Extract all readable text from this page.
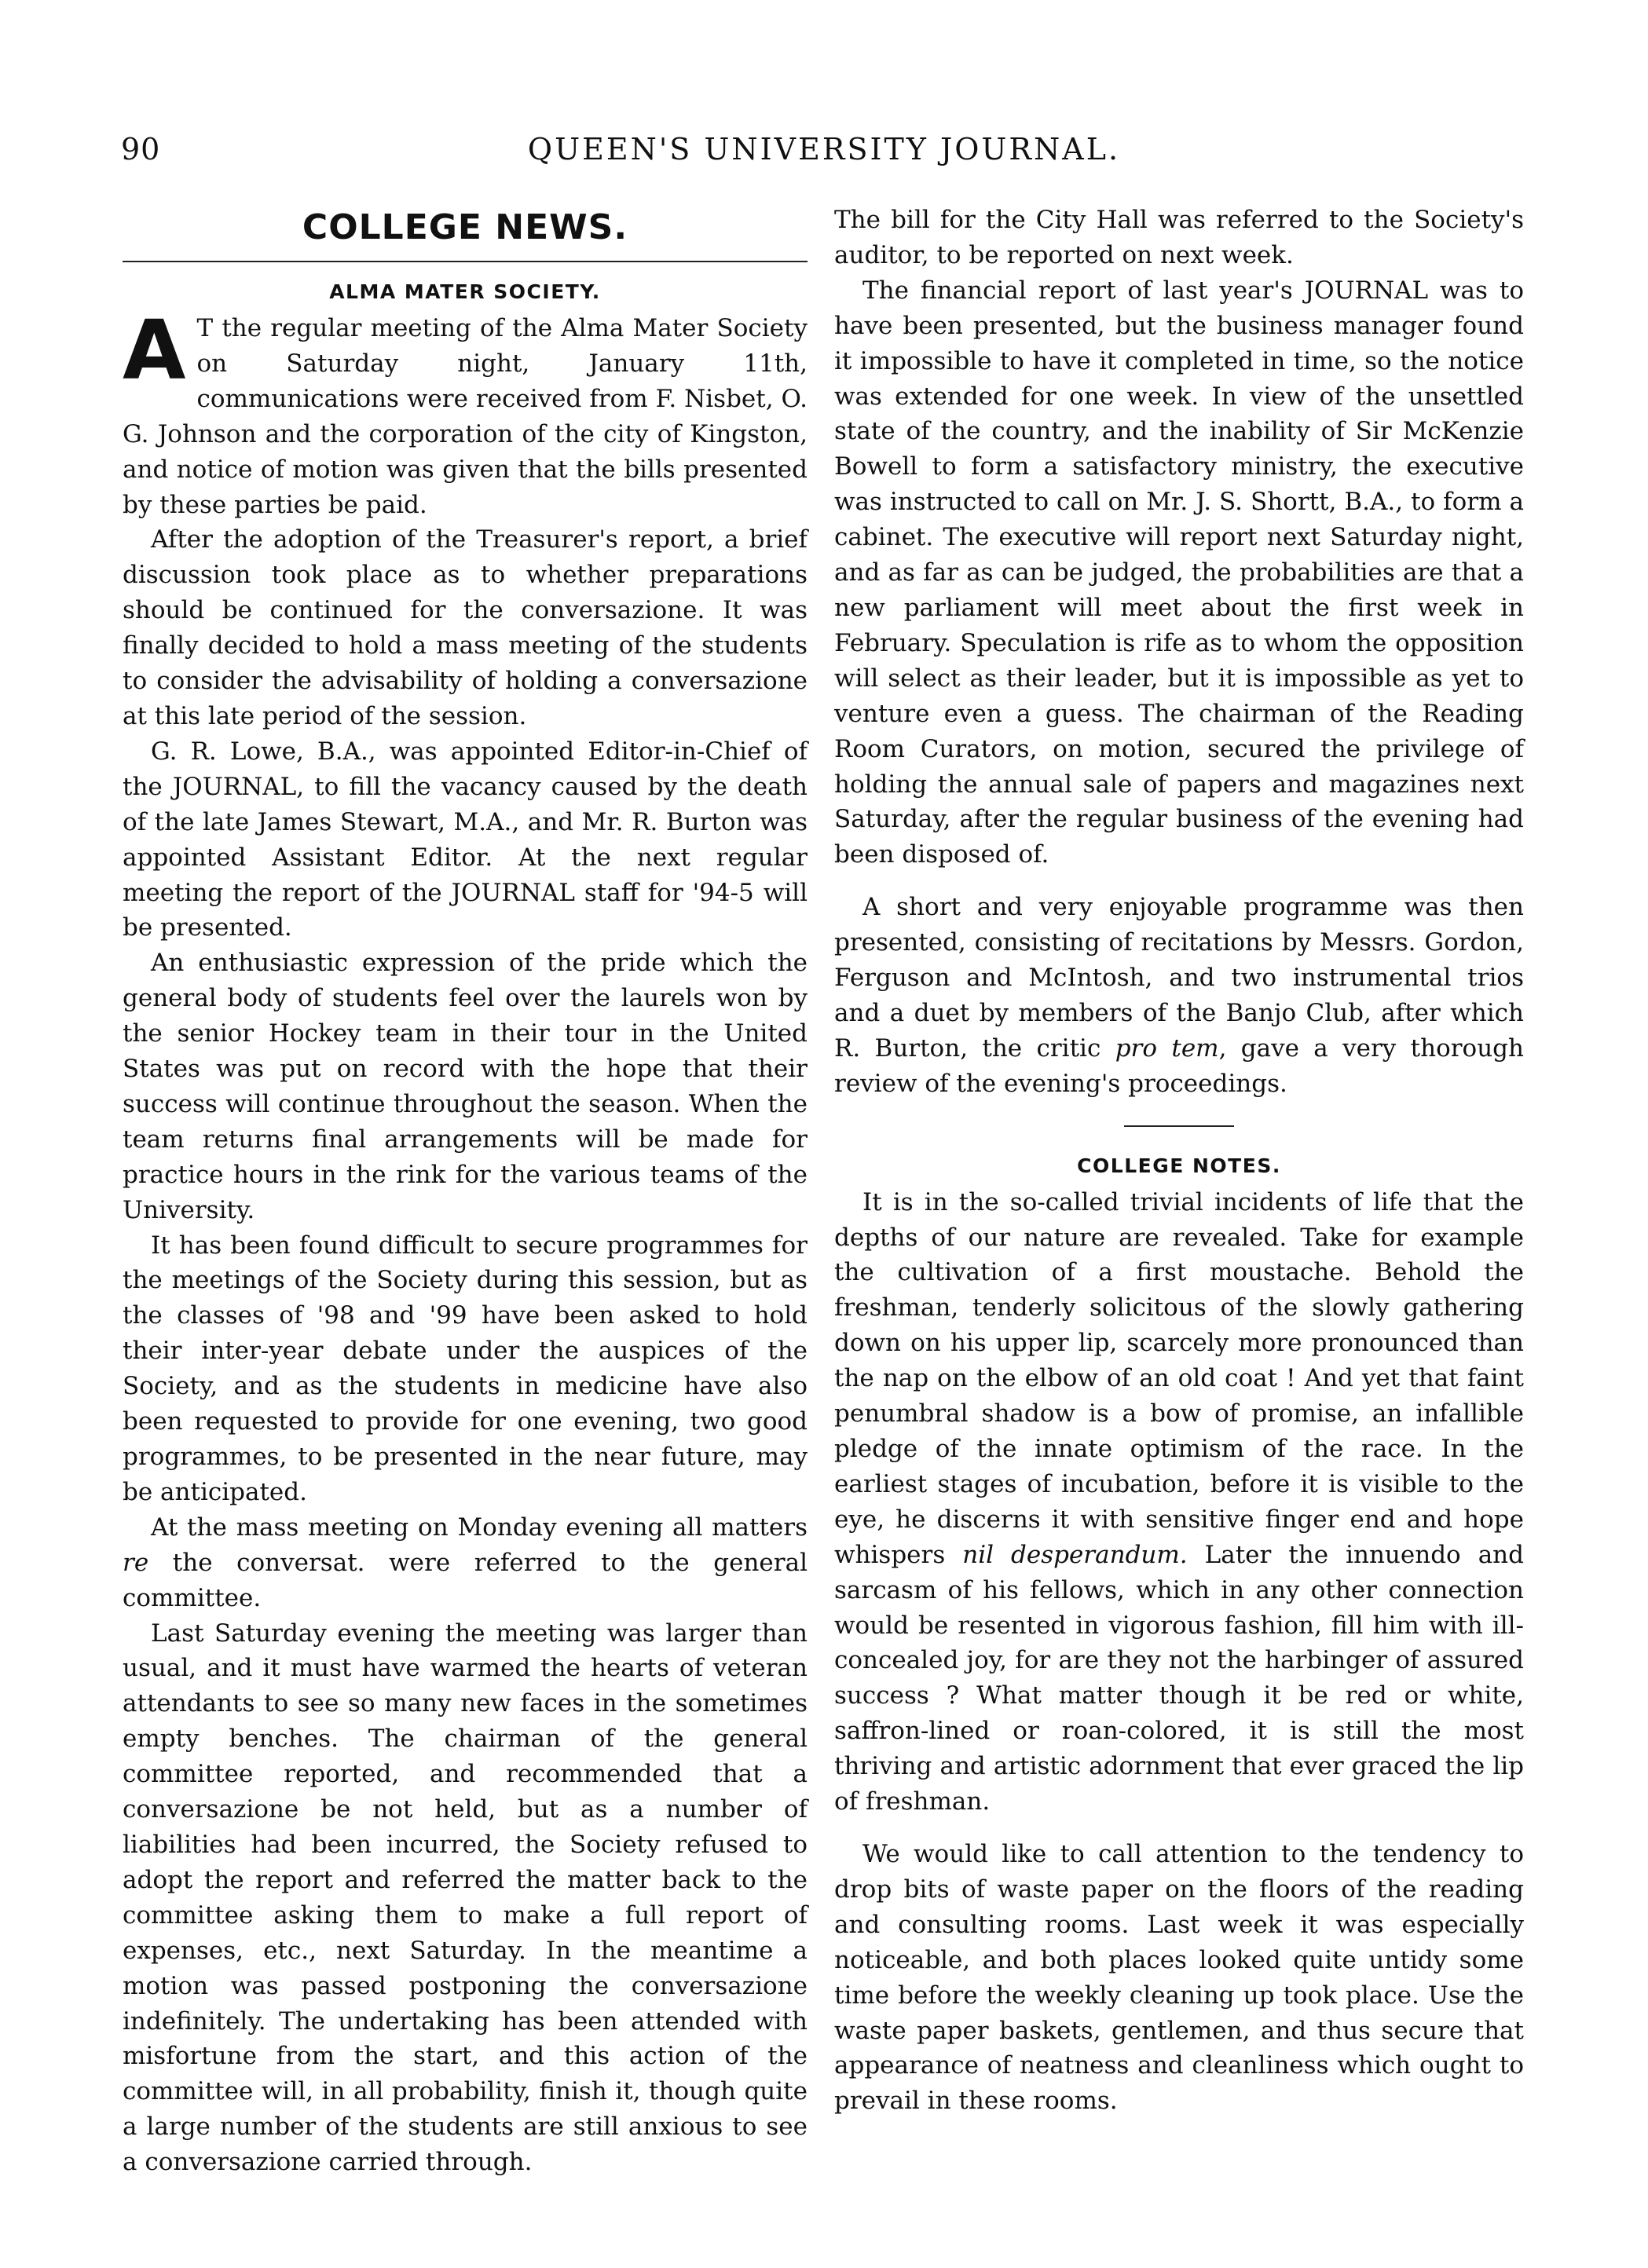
90	QUEEN'S UNIVERSITY JOURNAL.
COLLEGE NEWS.
ALMA MATER SOCIETY.

A T the regular meeting of the Alma Mater Society on Saturday night, January 11th, communications were received from F. Nisbet, O. G. Johnson and the corporation of the city of Kingston, and notice of motion was given that the bills presented by these parties be paid.

After the adoption of the Treasurer's report, a brief discussion took place as to whether preparations should be continued for the conversazione. It was finally decided to hold a mass meeting of the students to consider the advisability of holding a conversazione at this late period of the session.

G. R. Lowe, B.A., was appointed Editor-in-Chief of the JOURNAL, to fill the vacancy caused by the death of the late James Stewart, M.A., and Mr. R. Burton was appointed Assistant Editor. At the next regular meeting the report of the JOURNAL staff for '94-5 will be presented.

An enthusiastic expression of the pride which the general body of students feel over the laurels won by the senior Hockey team in their tour in the United States was put on record with the hope that their success will continue throughout the season. When the team returns final arrangements will be made for practice hours in the rink for the various teams of the University.

It has been found difficult to secure programmes for the meetings of the Society during this session, but as the classes of '98 and '99 have been asked to hold their inter-year debate under the auspices of the Society, and as the students in medicine have also been requested to provide for one evening, two good programmes, to be presented in the near future, may be anticipated.

At the mass meeting on Monday evening all matters re the conversat. were referred to the general committee.

Last Saturday evening the meeting was larger than usual, and it must have warmed the hearts of veteran attendants to see so many new faces in the sometimes empty benches. The chairman of the general committee reported, and recommended that a conversazione be not held, but as a number of liabilities had been incurred, the Society refused to adopt the report and referred the matter back to the committee asking them to make a full report of expenses, etc., next Saturday. In the meantime a motion was passed postponing the conversazione indefinitely. The undertaking has been attended with misfortune from the start, and this action of the committee will, in all probability, finish it, though quite a large number of the students are still anxious to see a conversazione carried through.

The bill for the City Hall was referred to the Society's auditor, to be reported on next week.

The financial report of last year's JOURNAL was to have been presented, but the business manager found it impossible to have it completed in time, so the notice was extended for one week. In view of the unsettled state of the country, and the inability of Sir McKenzie Bowell to form a satisfactory ministry, the executive was instructed to call on Mr. J. S. Shortt, B.A., to form a cabinet. The executive will report next Saturday night, and as far as can be judged, the probabilities are that a new parliament will meet about the first week in February. Speculation is rife as to whom the opposition will select as their leader, but it is impossible as yet to venture even a guess. The chairman of the Reading Room Curators, on motion, secured the privilege of holding the annual sale of papers and magazines next Saturday, after the regular business of the evening had been disposed of.

A short and very enjoyable programme was then presented, consisting of recitations by Messrs. Gordon, Ferguson and McIntosh, and two instrumental trios and a duet by members of the Banjo Club, after which R. Burton, the critic pro tem, gave a very thorough review of the evening's proceedings.

COLLEGE NOTES.

It is in the so-called trivial incidents of life that the depths of our nature are revealed. Take for example the cultivation of a first moustache. Behold the freshman, tenderly solicitous of the slowly gathering down on his upper lip, scarcely more pronounced than the nap on the elbow of an old coat ! And yet that faint penumbral shadow is a bow of promise, an infallible pledge of the innate optimism of the race. In the earliest stages of incubation, before it is visible to the eye, he discerns it with sensitive finger end and hope whispers nil desperandum. Later the innuendo and sarcasm of his fellows, which in any other connection would be resented in vigorous fashion, fill him with ill-concealed joy, for are they not the harbinger of assured success ? What matter though it be red or white, saffron-lined or roan-colored, it is still the most thriving and artistic adornment that ever graced the lip of freshman.

We would like to call attention to the tendency to drop bits of waste paper on the floors of the reading and consulting rooms. Last week it was especially noticeable, and both places looked quite untidy some time before the weekly cleaning up took place. Use the waste paper baskets, gentlemen, and thus secure that appearance of neatness and cleanliness which ought to prevail in these rooms.
